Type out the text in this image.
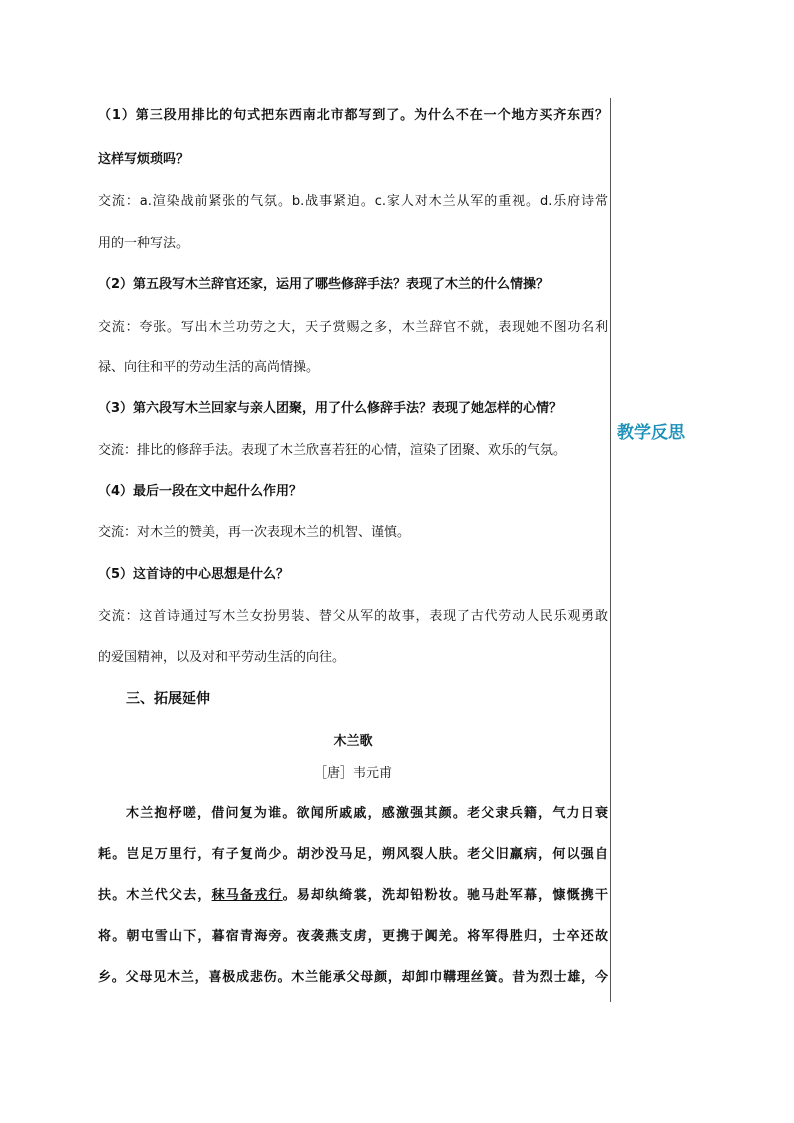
教学反思
（1）第三段用排比的句式把东西南北市都写到了。为什么不在一个地方买齐东西？
这样写烦琐吗？
交流：a.渲染战前紧张的气氛。b.战事紧迫。c.家人对木兰从军的重视。d.乐府诗常
用的一种写法。
（2）第五段写木兰辞官还家，运用了哪些修辞手法？表现了木兰的什么情操？
交流：夸张。写出木兰功劳之大，天子赏赐之多，木兰辞官不就，表现她不图功名利
禄、向往和平的劳动生活的高尚情操。
（3）第六段写木兰回家与亲人团聚，用了什么修辞手法？表现了她怎样的心情？
交流：排比的修辞手法。表现了木兰欣喜若狂的心情，渲染了团聚、欢乐的气氛。
（4）最后一段在文中起什么作用？
交流：对木兰的赞美，再一次表现木兰的机智、谨慎。
（5）这首诗的中心思想是什么？
交流：这首诗通过写木兰女扮男装、替父从军的故事，表现了古代劳动人民乐观勇敢
的爱国精神，以及对和平劳动生活的向往。
三、拓展延伸
木兰歌
［唐］韦元甫
木兰抱杼嗟，借问复为谁。欲闻所戚戚，感激强其颜。老父隶兵籍，气力日衰
耗。岂足万里行，有子复尚少。胡沙没马足，朔风裂人肤。老父旧羸病，何以强自
扶。木兰代父去，秣马备戎行。易却纨绮裳，洗却铅粉妆。驰马赴军幕，慷慨携干
将。朝屯雪山下，暮宿青海旁。夜袭燕支虏，更携于阗羌。将军得胜归，士卒还故
乡。父母见木兰，喜极成悲伤。木兰能承父母颜，却卸巾鞲理丝簧。昔为烈士雄，今
